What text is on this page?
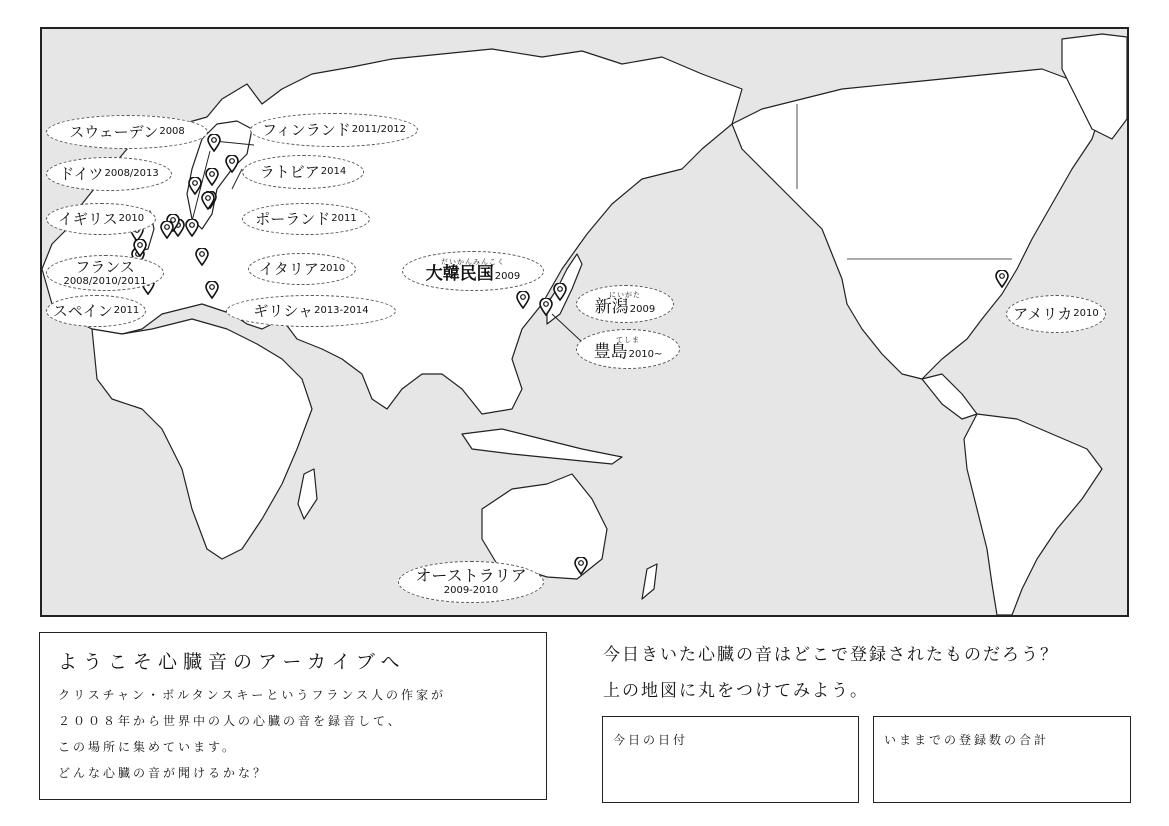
スウェーデン 2008
ドイツ 2008/2013
イギリス 2010
フランス
2008/2010/2011
スペイン 2011
フィンランド 2011/2012
ラトビア 2014
ポーランド 2011
イタリア 2010
ギリシャ 2013-2014
だいかんみんこく
大韓民国2009
にいがた
新潟2009
てしま
豊島2010~
アメリカ 2010
オーストラリア
2009-2010
ようこそ心臓音のアーカイブへ
クリスチャン・ボルタンスキーというフランス人の作家が
２００８年から世界中の人の心臓の音を録音して、
この場所に集めています。
どんな心臓の音が聞けるかな？
今日きいた心臓の音はどこで登録されたものだろう？
上の地図に丸をつけてみよう。
今日の日付	いままでの登録数の合計
